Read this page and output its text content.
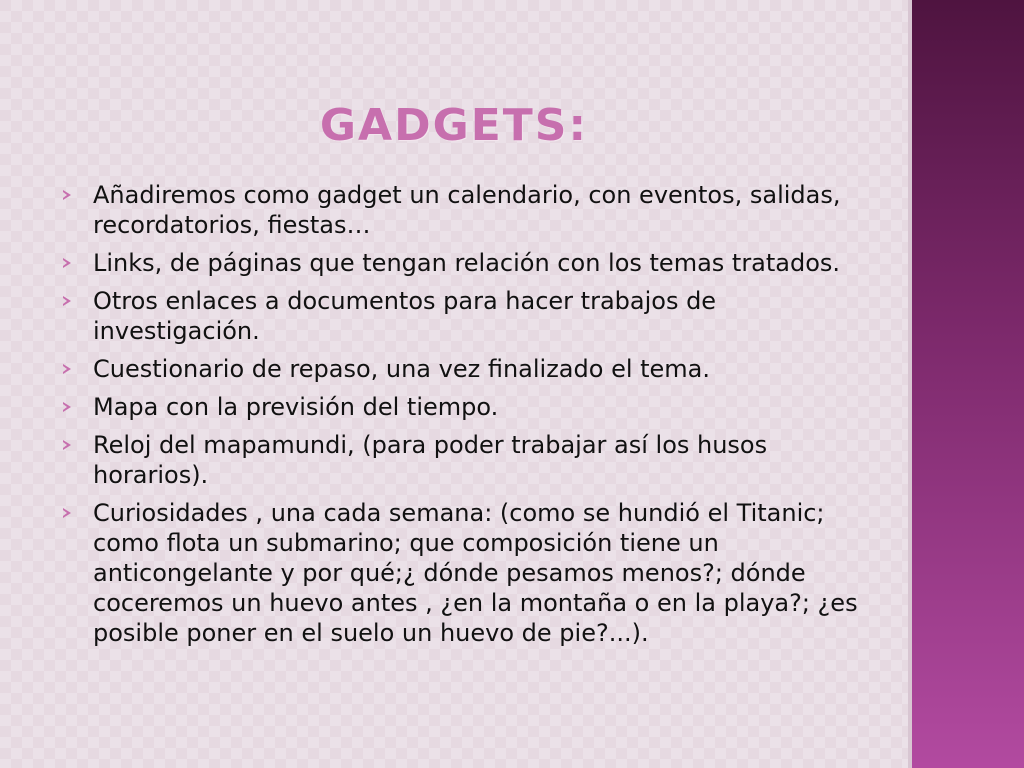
GADGETS:
Añadiremos como gadget un calendario, con eventos, salidas, recordatorios, fiestas…
Links, de páginas que tengan relación con los temas tratados.
Otros enlaces a documentos para hacer trabajos de investigación.
Cuestionario de repaso, una vez finalizado el tema.
Mapa con la previsión del tiempo.
Reloj del mapamundi, (para poder trabajar así los husos horarios).
Curiosidades , una cada semana: (como se hundió el Titanic; como flota un submarino; que composición tiene un anticongelante y por qué;¿ dónde pesamos menos?; dónde coceremos un huevo antes , ¿en la montaña o en la playa?; ¿es posible poner en el suelo un huevo de pie?...).
